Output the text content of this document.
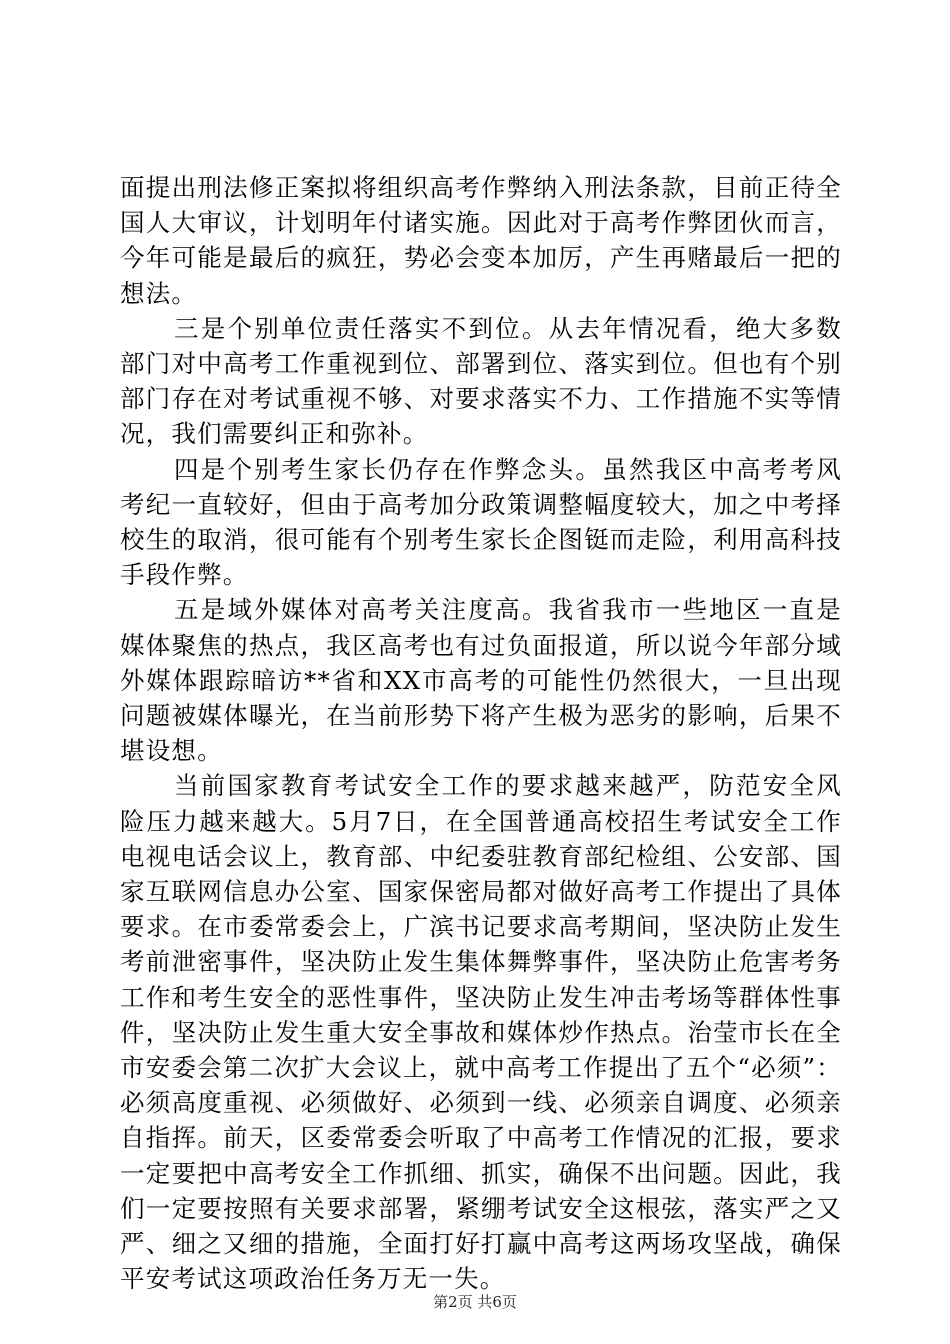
面提出刑法修正案拟将组织高考作弊纳入刑法条款，目前正待全国人大审议，计划明年付诸实施。因此对于高考作弊团伙而言，今年可能是最后的疯狂，势必会变本加厉，产生再赌最后一把的想法。

三是个别单位责任落实不到位。从去年情况看，绝大多数部门对中高考工作重视到位、部署到位、落实到位。但也有个别部门存在对考试重视不够、对要求落实不力、工作措施不实等情况，我们需要纠正和弥补。

四是个别考生家长仍存在作弊念头。虽然我区中高考考风考纪一直较好，但由于高考加分政策调整幅度较大，加之中考择校生的取消，很可能有个别考生家长企图铤而走险，利用高科技手段作弊。

五是域外媒体对高考关注度高。我省我市一些地区一直是媒体聚焦的热点，我区高考也有过负面报道，所以说今年部分域外媒体跟踪暗访**省和XX市高考的可能性仍然很大，一旦出现问题被媒体曝光，在当前形势下将产生极为恶劣的影响，后果不堪设想。

当前国家教育考试安全工作的要求越来越严，防范安全风险压力越来越大。5月7日，在全国普通高校招生考试安全工作电视电话会议上，教育部、中纪委驻教育部纪检组、公安部、国家互联网信息办公室、国家保密局都对做好高考工作提出了具体要求。在市委常委会上，广滨书记要求高考期间，坚决防止发生考前泄密事件，坚决防止发生集体舞弊事件，坚决防止危害考务工作和考生安全的恶性事件，坚决防止发生冲击考场等群体性事件，坚决防止发生重大安全事故和媒体炒作热点。治莹市长在全市安委会第二次扩大会议上，就中高考工作提出了五个“必须”：必须高度重视、必须做好、必须到一线、必须亲自调度、必须亲自指挥。前天，区委常委会听取了中高考工作情况的汇报，要求一定要把中高考安全工作抓细、抓实，确保不出问题。因此，我们一定要按照有关要求部署，紧绷考试安全这根弦，落实严之又严、细之又细的措施，全面打好打赢中高考这两场攻坚战，确保平安考试这项政治任务万无一失。

第2页 共6页
